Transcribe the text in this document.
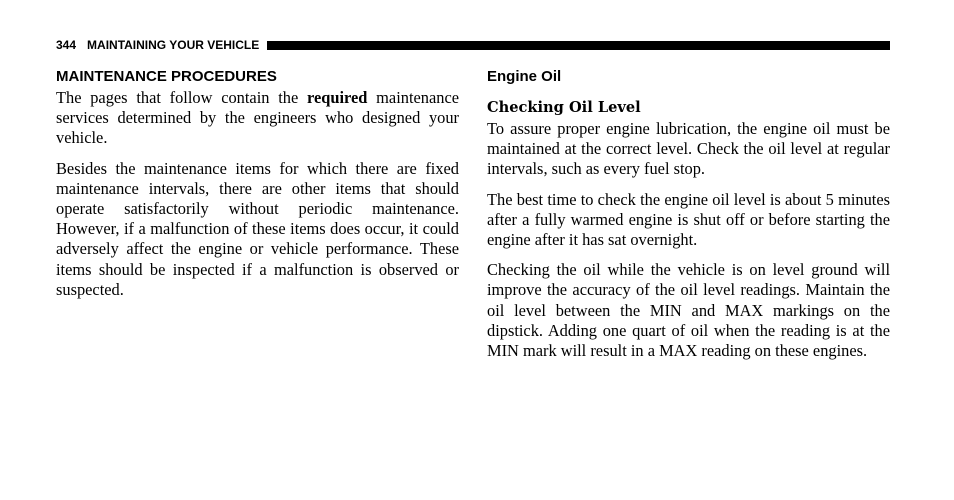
344 MAINTAINING YOUR VEHICLE
MAINTENANCE PROCEDURES

The pages that follow contain the required maintenance services determined by the engineers who designed your vehicle.

Besides the maintenance items for which there are fixed maintenance intervals, there are other items that should operate satisfactorily without periodic maintenance. However, if a malfunction of these items does occur, it could adversely affect the engine or vehicle performance. These items should be inspected if a malfunction is observed or suspected.

Engine Oil
Checking Oil Level

To assure proper engine lubrication, the engine oil must be maintained at the correct level. Check the oil level at regular intervals, such as every fuel stop.

The best time to check the engine oil level is about 5 minutes after a fully warmed engine is shut off or before starting the engine after it has sat overnight.

Checking the oil while the vehicle is on level ground will improve the accuracy of the oil level readings. Maintain the oil level between the MIN and MAX markings on the dipstick. Adding one quart of oil when the reading is at the MIN mark will result in a MAX reading on these engines.
